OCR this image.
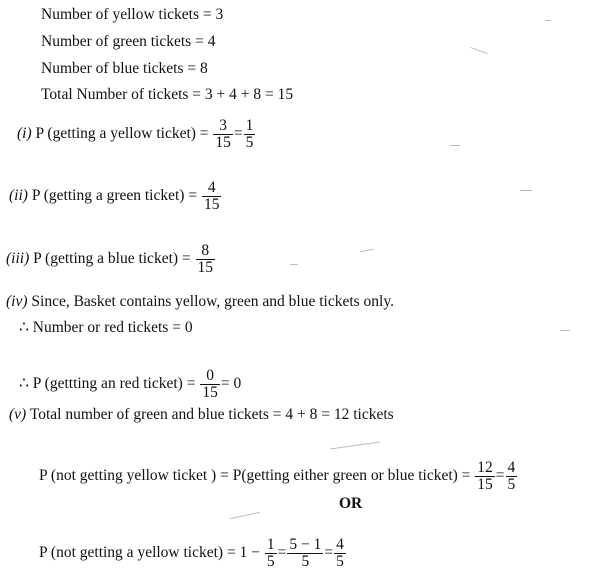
Number of yellow tickets = 3
Number of green tickets = 4
Number of blue tickets = 8
Total Number of tickets = 3 + 4 + 8 = 15
(i) P (getting a yellow ticket) = $\frac{3}{15} = \frac{1}{5}$
(ii) P (getting a green ticket) = $\frac{4}{15}$
(iii) P (getting a blue ticket) = $\frac{8}{15}$
(iv) Since, Basket contains yellow, green and blue tickets only.
∴ Number or red tickets = 0
∴ P (gettting an red ticket) = $\frac{0}{15} = 0$
(v) Total number of green and blue tickets = 4 + 8 = 12 tickets
P (not getting yellow ticket ) = P(getting either green or blue ticket) = $\frac{12}{15} = \frac{4}{5}$
OR
P (not getting a yellow ticket) = $1 - \frac{1}{5} = \frac{5 - 1}{5} = \frac{4}{5}$
